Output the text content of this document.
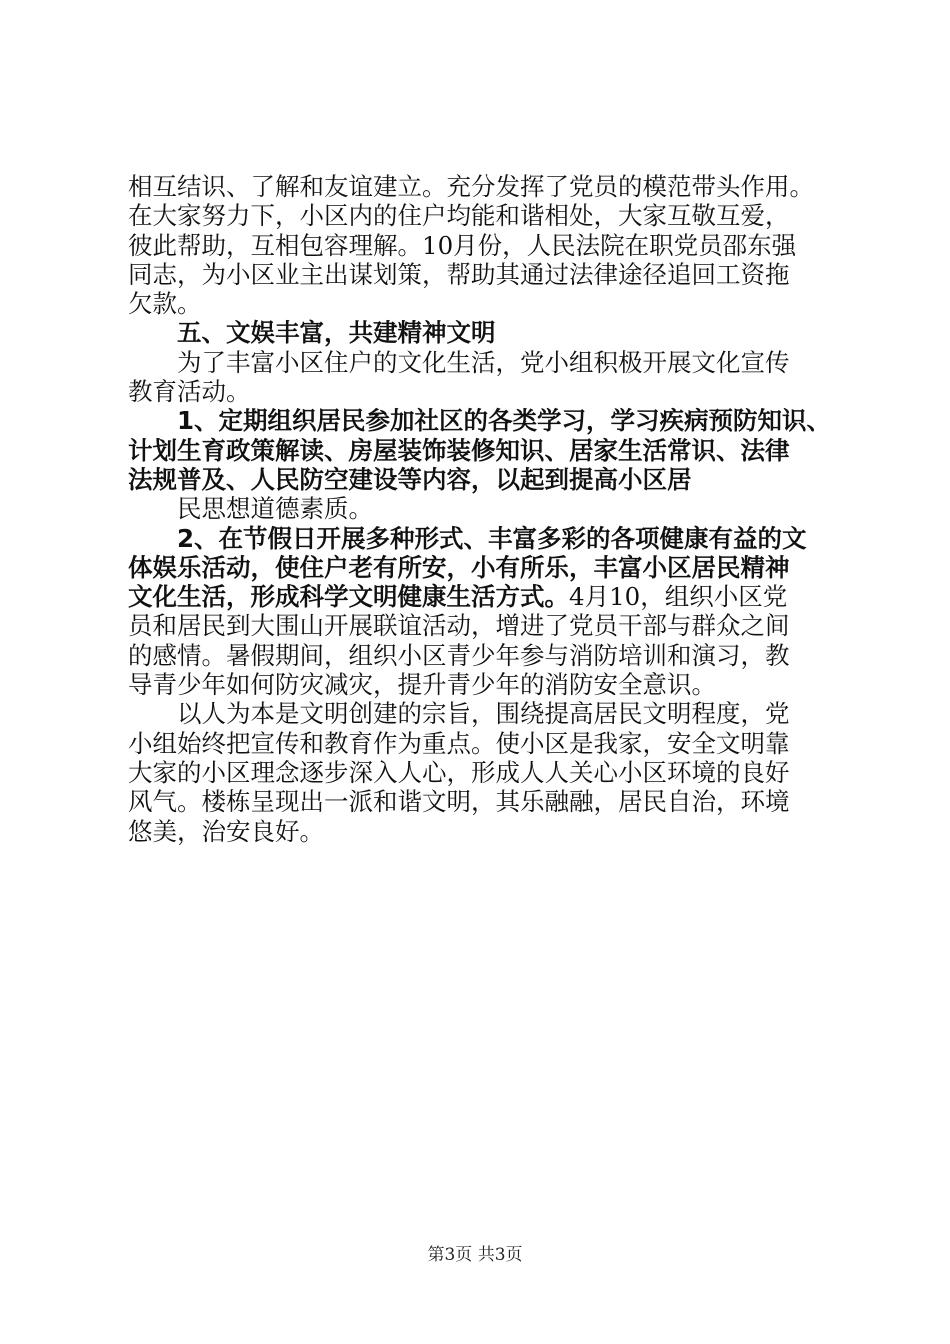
相互结识、了解和友谊建立。充分发挥了党员的模范带头作用。
在大家努力下，小区内的住户均能和谐相处，大家互敬互爱，
彼此帮助，互相包容理解。10月份，人民法院在职党员邵东强
同志，为小区业主出谋划策，帮助其通过法律途径追回工资拖
欠款。
五、文娱丰富，共建精神文明
为了丰富小区住户的文化生活，党小组积极开展文化宣传
教育活动。
1、定期组织居民参加社区的各类学习，学习疾病预防知识、
计划生育政策解读、房屋装饰装修知识、居家生活常识、法律
法规普及、人民防空建设等内容，以起到提高小区居
民思想道德素质。
2、在节假日开展多种形式、丰富多彩的各项健康有益的文
体娱乐活动，使住户老有所安，小有所乐，丰富小区居民精神
文化生活，形成科学文明健康生活方式。4月10，组织小区党
员和居民到大围山开展联谊活动，增进了党员干部与群众之间
的感情。暑假期间，组织小区青少年参与消防培训和演习，教
导青少年如何防灾减灾，提升青少年的消防安全意识。
以人为本是文明创建的宗旨，围绕提高居民文明程度，党
小组始终把宣传和教育作为重点。使小区是我家，安全文明靠
大家的小区理念逐步深入人心，形成人人关心小区环境的良好
风气。楼栋呈现出一派和谐文明，其乐融融，居民自治，环境
悠美，治安良好。
第3页 共3页
